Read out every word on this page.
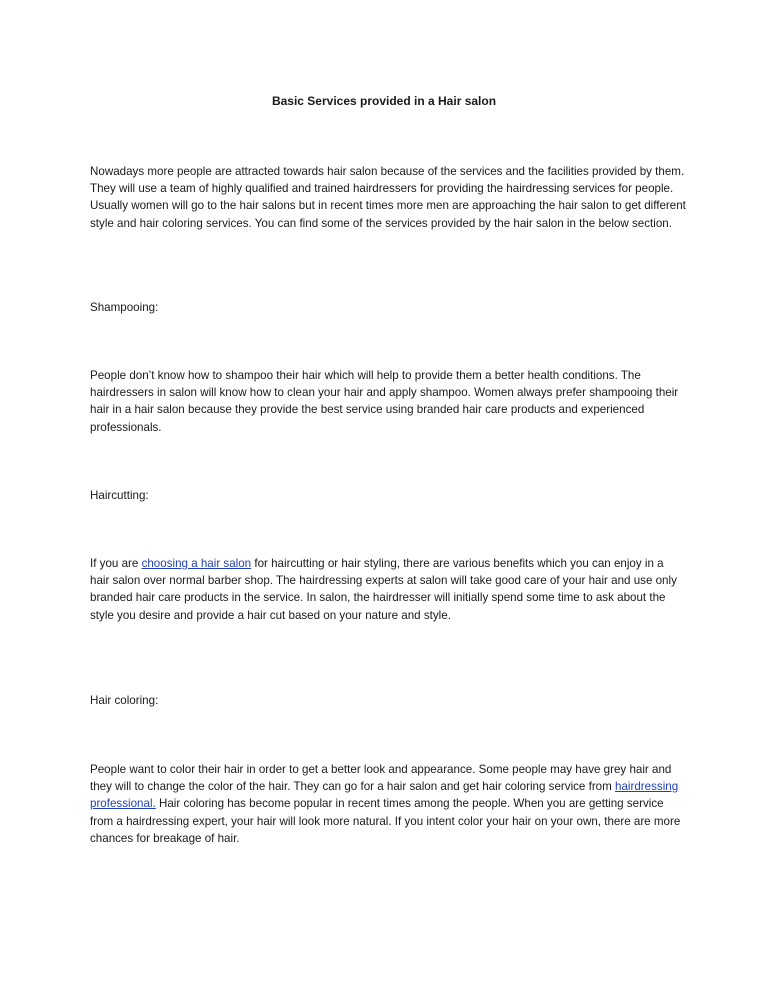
Basic Services provided in a Hair salon

Nowadays more people are attracted towards hair salon because of the services and the facilities provided by them. They will use a team of highly qualified and trained hairdressers for providing the hairdressing services for people. Usually women will go to the hair salons but in recent times more men are approaching the hair salon to get different style and hair coloring services. You can find some of the services provided by the hair salon in the below section.

Shampooing:

People don’t know how to shampoo their hair which will help to provide them a better health conditions. The hairdressers in salon will know how to clean your hair and apply shampoo. Women always prefer shampooing their hair in a hair salon because they provide the best service using branded hair care products and experienced professionals.

Haircutting:

If you are choosing a hair salon for haircutting or hair styling, there are various benefits which you can enjoy in a hair salon over normal barber shop. The hairdressing experts at salon will take good care of your hair and use only branded hair care products in the service. In salon, the hairdresser will initially spend some time to ask about the style you desire and provide a hair cut based on your nature and style.

Hair coloring:

People want to color their hair in order to get a better look and appearance. Some people may have grey hair and they will to change the color of the hair. They can go for a hair salon and get hair coloring service from hairdressing professional. Hair coloring has become popular in recent times among the people. When you are getting service from a hairdressing expert, your hair will look more natural. If you intent color your hair on your own, there are more chances for breakage of hair.
